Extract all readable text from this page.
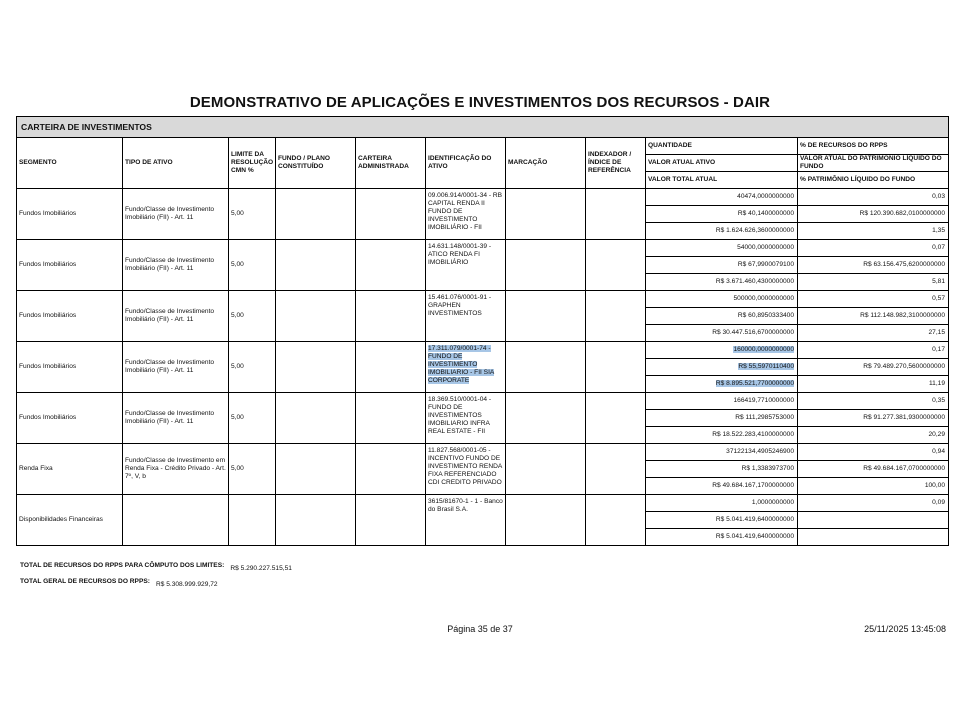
DEMONSTRATIVO DE APLICAÇÕES E INVESTIMENTOS DOS RECURSOS - DAIR
CARTEIRA DE INVESTIMENTOS									
SEGMENTO	TIPO DE ATIVO	LIMITE DA RESOLUÇÃO CMN %	FUNDO / PLANO CONSTITUÍDO	CARTEIRA ADMINISTRADA	IDENTIFICAÇÃO DO ATIVO	MARCAÇÃO	INDEXADOR / ÍNDICE DE REFERÊNCIA	QUANTIDADE	% DE RECURSOS DO RPPS
								VALOR ATUAL ATIVO	VALOR ATUAL DO PATRIMÔNIO LÍQUIDO DO FUNDO
								VALOR TOTAL ATUAL	% PATRIMÔNIO LÍQUIDO DO FUNDO
Fundos Imobiliários	Fundo/Classe de Investimento Imobiliário (FII) - Art. 11	5,00			09.006.914/0001-34 - RB CAPITAL RENDA II FUNDO DE INVESTIMENTO IMOBILIÁRIO - FII			40474,0000000000	0,03
								R$ 40,1400000000	R$ 120.390.682,0100000000
								R$ 1.624.626,3600000000	1,35
Fundos Imobiliários	Fundo/Classe de Investimento Imobiliário (FII) - Art. 11	5,00			14.631.148/0001-39 - ATICO RENDA FI IMOBILIÁRIO			54000,0000000000	0,07
								R$ 67,9900079100	R$ 63.156.475,6200000000
								R$ 3.671.460,4300000000	5,81
Fundos Imobiliários	Fundo/Classe de Investimento Imobiliário (FII) - Art. 11	5,00			15.461.076/0001-91 - GRAPHEN INVESTIMENTOS			500000,0000000000	0,57
								R$ 60,8950333400	R$ 112.148.982,3100000000
								R$ 30.447.516,6700000000	27,15
Fundos Imobiliários	Fundo/Classe de Investimento Imobiliário (FII) - Art. 11	5,00			17.311.079/0001-74 - FUNDO DE INVESTIMENTO IMOBILIARIO - FII SIA CORPORATE			160000,0000000000	0,17
								R$ 55,5970110400	R$ 79.489.270,5600000000
								R$ 8.895.521,7700000000	11,19
Fundos Imobiliários	Fundo/Classe de Investimento Imobiliário (FII) - Art. 11	5,00			18.369.510/0001-04 - FUNDO DE INVESTIMENTOS IMOBILIARIO INFRA REAL ESTATE - FII			166419,7710000000	0,35
								R$ 111,2985753000	R$ 91.277.381,9300000000
								R$ 18.522.283,4100000000	20,29
Renda Fixa	Fundo/Classe de Investimento em Renda Fixa - Crédito Privado - Art. 7º, V, b	5,00			11.827.568/0001-05 - INCENTIVO FUNDO DE INVESTIMENTO RENDA FIXA REFERENCIADO CDI CREDITO PRIVADO			37122134,4905246900	0,94
								R$ 1,3383973700	R$ 49.684.167,0700000000
								R$ 49.684.167,1700000000	100,00
Disponibilidades Financeiras					3615/81670-1 - 1 - Banco do Brasil S.A.			1,0000000000	0,09
								R$ 5.041.419,6400000000	
								R$ 5.041.419,6400000000	
TOTAL DE RECURSOS DO RPPS PARA CÔMPUTO DOS LIMITES: R$ 5.290.227.515,51
TOTAL GERAL DE RECURSOS DO RPPS: R$ 5.308.999.929,72
Página 35 de 37	25/11/2025 13:45:08
